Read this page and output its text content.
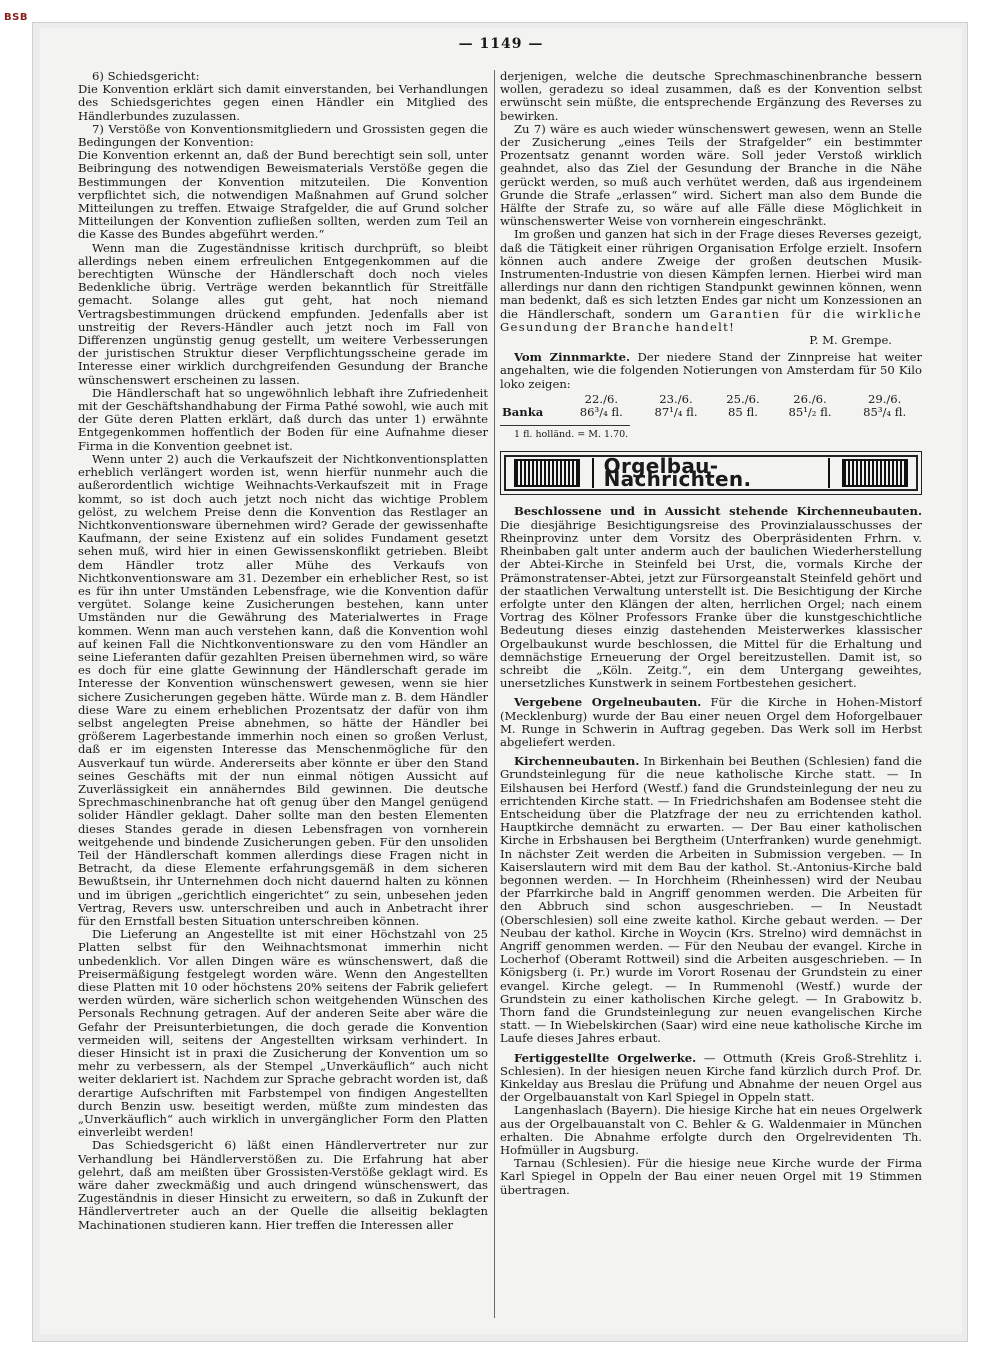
BSB
— 1149 —

6) Schiedsgericht:

Die Konvention erklärt sich damit einverstanden, bei Verhandlungen des Schiedsgerichtes gegen einen Händler ein Mitglied des Händlerbundes zuzulassen.

7) Verstöße von Konventionsmitgliedern und Grossisten gegen die Bedingungen der Konvention:

Die Konvention erkennt an, daß der Bund berechtigt sein soll, unter Beibringung des notwendigen Beweismaterials Verstöße gegen die Bestimmungen der Konvention mitzuteilen. Die Konvention verpflichtet sich, die notwendigen Maßnahmen auf Grund solcher Mitteilungen zu treffen. Etwaige Strafgelder, die auf Grund solcher Mitteilungen der Konvention zufließen sollten, werden zum Teil an die Kasse des Bundes abgeführt werden.“

Wenn man die Zugeständnisse kritisch durchprüft, so bleibt allerdings neben einem erfreulichen Entgegenkommen auf die berechtigten Wünsche der Händlerschaft doch noch vieles Bedenkliche übrig. Verträge werden bekanntlich für Streitfälle gemacht. Solange alles gut geht, hat noch niemand Vertragsbestimmungen drückend empfunden. Jedenfalls aber ist unstreitig der Revers-Händler auch jetzt noch im Fall von Differenzen ungünstig genug gestellt, um weitere Verbesserungen der juristischen Struktur dieser Verpflichtungsscheine gerade im Interesse einer wirklich durchgreifenden Gesundung der Branche wünschenswert erscheinen zu lassen.

Die Händlerschaft hat so ungewöhnlich lebhaft ihre Zufriedenheit mit der Geschäftshandhabung der Firma Pathé sowohl, wie auch mit der Güte deren Platten erklärt, daß durch das unter 1) erwähnte Entgegenkommen hoffentlich der Boden für eine Aufnahme dieser Firma in die Konvention geebnet ist.

Wenn unter 2) auch die Verkaufszeit der Nichtkonventionsplatten erheblich verlängert worden ist, wenn hierfür nunmehr auch die außerordentlich wichtige Weihnachts-Verkaufszeit mit in Frage kommt, so ist doch auch jetzt noch nicht das wichtige Problem gelöst, zu welchem Preise denn die Konvention das Restlager an Nichtkonventionsware übernehmen wird? Gerade der gewissenhafte Kaufmann, der seine Existenz auf ein solides Fundament gesetzt sehen muß, wird hier in einen Gewissenskonflikt getrieben. Bleibt dem Händler trotz aller Mühe des Verkaufs von Nichtkonventionsware am 31. Dezember ein erheblicher Rest, so ist es für ihn unter Umständen Lebensfrage, wie die Konvention dafür vergütet. Solange keine Zusicherungen bestehen, kann unter Umständen nur die Gewährung des Materialwertes in Frage kommen. Wenn man auch verstehen kann, daß die Konvention wohl auf keinen Fall die Nichtkonventionsware zu den vom Händler an seine Lieferanten dafür gezahlten Preisen übernehmen wird, so wäre es doch für eine glatte Gewinnung der Händlerschaft gerade im Interesse der Konvention wünschenswert gewesen, wenn sie hier sichere Zusicherungen gegeben hätte. Würde man z. B. dem Händler diese Ware zu einem erheblichen Prozentsatz der dafür von ihm selbst angelegten Preise abnehmen, so hätte der Händler bei größerem Lagerbestande immerhin noch einen so großen Verlust, daß er im eigensten Interesse das Menschenmögliche für den Ausverkauf tun würde. Andererseits aber könnte er über den Stand seines Geschäfts mit der nun einmal nötigen Aussicht auf Zuverlässigkeit ein annäherndes Bild gewinnen. Die deutsche Sprechmaschinenbranche hat oft genug über den Mangel genügend solider Händler geklagt. Daher sollte man den besten Elementen dieses Standes gerade in diesen Lebensfragen von vornherein weitgehende und bindende Zusicherungen geben. Für den unsoliden Teil der Händlerschaft kommen allerdings diese Fragen nicht in Betracht, da diese Elemente erfahrungsgemäß in dem sicheren Bewußtsein, ihr Unternehmen doch nicht dauernd halten zu können und im übrigen „gerichtlich eingerichtet“ zu sein, unbesehen jeden Vertrag, Revers usw. unterschreiben und auch in Anbetracht ihrer für den Ernstfall besten Situation unterschreiben können.

Die Lieferung an Angestellte ist mit einer Höchstzahl von 25 Platten selbst für den Weihnachtsmonat immerhin nicht unbedenklich. Vor allen Dingen wäre es wünschenswert, daß die Preisermäßigung festgelegt worden wäre. Wenn den Angestellten diese Platten mit 10 oder höchstens 20% seitens der Fabrik geliefert werden würden, wäre sicherlich schon weitgehenden Wünschen des Personals Rechnung getragen. Auf der anderen Seite aber wäre die Gefahr der Preisunterbietungen, die doch gerade die Konvention vermeiden will, seitens der Angestellten wirksam verhindert. In dieser Hinsicht ist in praxi die Zusicherung der Konvention um so mehr zu verbessern, als der Stempel „Unverkäuflich“ auch nicht weiter deklariert ist. Nachdem zur Sprache gebracht worden ist, daß derartige Aufschriften mit Farbstempel von findigen Angestellten durch Benzin usw. beseitigt werden, müßte zum mindesten das „Unverkäuflich“ auch wirklich in unvergänglicher Form den Platten einverleibt werden!

Das Schiedsgericht 6) läßt einen Händlervertreter nur zur Verhandlung bei Händlerverstößen zu. Die Erfahrung hat aber gelehrt, daß am meißten über Grossisten-Verstöße geklagt wird. Es wäre daher zweckmäßig und auch dringend wünschenswert, das Zugeständnis in dieser Hinsicht zu erweitern, so daß in Zukunft der Händlervertreter auch an der Quelle die allseitig beklagten Machinationen studieren kann. Hier treffen die Interessen aller

derjenigen, welche die deutsche Sprechmaschinenbranche bessern wollen, geradezu so ideal zusammen, daß es der Konvention selbst erwünscht sein müßte, die entsprechende Ergänzung des Reverses zu bewirken.

Zu 7) wäre es auch wieder wünschenswert gewesen, wenn an Stelle der Zusicherung „eines Teils der Strafgelder“ ein bestimmter Prozentsatz genannt worden wäre. Soll jeder Verstoß wirklich geahndet, also das Ziel der Gesundung der Branche in die Nähe gerückt werden, so muß auch verhütet werden, daß aus irgendeinem Grunde die Strafe „erlassen“ wird. Sichert man also dem Bunde die Hälfte der Strafe zu, so wäre auf alle Fälle diese Möglichkeit in wünschenswerter Weise von vornherein eingeschränkt.

Im großen und ganzen hat sich in der Frage dieses Reverses gezeigt, daß die Tätigkeit einer rührigen Organisation Erfolge erzielt. Insofern können auch andere Zweige der großen deutschen Musik-Instrumenten-Industrie von diesen Kämpfen lernen. Hierbei wird man allerdings nur dann den richtigen Standpunkt gewinnen können, wenn man bedenkt, daß es sich letzten Endes gar nicht um Konzessionen an die Händlerschaft, sondern um Garantien für die wirkliche Gesundung der Branche handelt!

P. M. Grempe.

Vom Zinnmarkte. Der niedere Stand der Zinnpreise hat weiter angehalten, wie die folgenden Notierungen von Amsterdam für 50 Kilo loko zeigen:

	22./6.	23./6.	25./6.	26./6.	29./6.
Banka	86³/₄ fl.	87¹/₄ fl.	85 fl.	85¹/₂ fl.	85³/₄ fl.

1 fl. holländ. = M. 1.70.

Orgelbau-Nachrichten.

Beschlossene und in Aussicht stehende Kirchenneubauten. Die diesjährige Besichtigungsreise des Provinzialausschusses der Rheinprovinz unter dem Vorsitz des Oberpräsidenten Frhrn. v. Rheinbaben galt unter anderm auch der baulichen Wiederherstellung der Abtei-Kirche in Steinfeld bei Urst, die, vormals Kirche der Prämonstratenser-Abtei, jetzt zur Fürsorgeanstalt Steinfeld gehört und der staatlichen Verwaltung unterstellt ist. Die Besichtigung der Kirche erfolgte unter den Klängen der alten, herrlichen Orgel; nach einem Vortrag des Kölner Professors Franke über die kunstgeschichtliche Bedeutung dieses einzig dastehenden Meisterwerkes klassischer Orgelbaukunst wurde beschlossen, die Mittel für die Erhaltung und demnächstige Erneuerung der Orgel bereitzustellen. Damit ist, so schreibt die „Köln. Zeitg.“, ein dem Untergang geweihtes, unersetzliches Kunstwerk in seinem Fortbestehen gesichert.

Vergebene Orgelneubauten. Für die Kirche in Hohen-Mistorf (Mecklenburg) wurde der Bau einer neuen Orgel dem Hoforgelbauer M. Runge in Schwerin in Auftrag gegeben. Das Werk soll im Herbst abgeliefert werden.

Kirchenneubauten. In Birkenhain bei Beuthen (Schlesien) fand die Grundsteinlegung für die neue katholische Kirche statt. — In Eilshausen bei Herford (Westf.) fand die Grundsteinlegung der neu zu errichtenden Kirche statt. — In Friedrichshafen am Bodensee steht die Entscheidung über die Platzfrage der neu zu errichtenden kathol. Hauptkirche demnächt zu erwarten. — Der Bau einer katholischen Kirche in Erbshausen bei Bergtheim (Unterfranken) wurde genehmigt. In nächster Zeit werden die Arbeiten in Submission vergeben. — In Kaiserslautern wird mit dem Bau der kathol. St.-Antonius-Kirche bald begonnen werden. — In Horchheim (Rheinhessen) wird der Neubau der Pfarrkirche bald in Angriff genommen werden. Die Arbeiten für den Abbruch sind schon ausgeschrieben. — In Neustadt (Oberschlesien) soll eine zweite kathol. Kirche gebaut werden. — Der Neubau der kathol. Kirche in Woycin (Krs. Strelno) wird demnächst in Angriff genommen werden. — Für den Neubau der evangel. Kirche in Locherhof (Oberamt Rottweil) sind die Arbeiten ausgeschrieben. — In Königsberg (i. Pr.) wurde im Vorort Rosenau der Grundstein zu einer evangel. Kirche gelegt. — In Rummenohl (Westf.) wurde der Grundstein zu einer katholischen Kirche gelegt. — In Grabowitz b. Thorn fand die Grundsteinlegung zur neuen evangelischen Kirche statt. — In Wiebelskirchen (Saar) wird eine neue katholische Kirche im Laufe dieses Jahres erbaut.

Fertiggestellte Orgelwerke. — Ottmuth (Kreis Groß-Strehlitz i. Schlesien). In der hiesigen neuen Kirche fand kürzlich durch Prof. Dr. Kinkelday aus Breslau die Prüfung und Abnahme der neuen Orgel aus der Orgelbauanstalt von Karl Spiegel in Oppeln statt.

Langenhaslach (Bayern). Die hiesige Kirche hat ein neues Orgelwerk aus der Orgelbauanstalt von C. Behler & G. Waldenmaier in München erhalten. Die Abnahme erfolgte durch den Orgelrevidenten Th. Hofmüller in Augsburg.

Tarnau (Schlesien). Für die hiesige neue Kirche wurde der Firma Karl Spiegel in Oppeln der Bau einer neuen Orgel mit 19 Stimmen übertragen.
